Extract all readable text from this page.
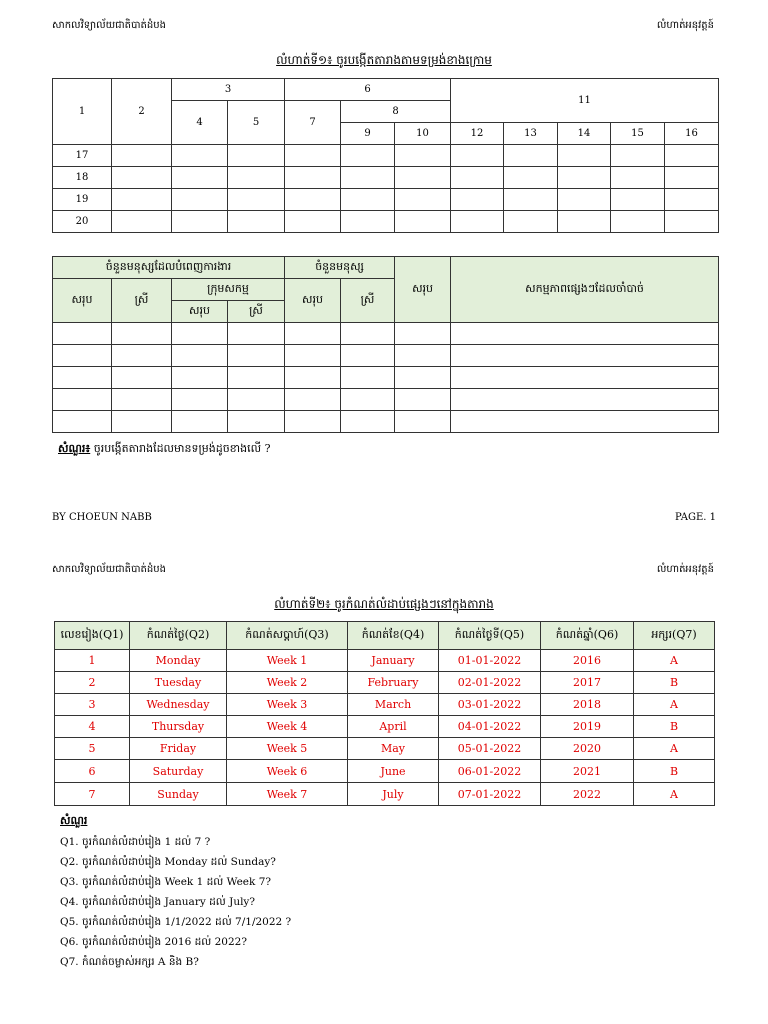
សាកលវិទ្យាល័យជាតិបាត់ដំបង	លំហាត់អនុវត្តន៍
លំហាត់ទី១៖ ចូរបង្កើតតារាងតាមទម្រង់ខាងក្រោម
1	2	3		6			11				
		4	5	7	8						
					9	10	12	13	14	15	16
17											
18											
19											
20											
ចំនួនមនុស្សដែលបំពេញការងារ				ចំនួនមនុស្ស		សរុប	សកម្មភាពផ្សេងៗដែលចាំបាច់
សរុប	ស្រី	ក្រុមសកម្ម		សរុប	ស្រី		
		សរុប	ស្រី				

សំណួរ៖ ចូរបង្កើតតារាងដែលមានទម្រង់ដូចខាងលើ ?
BY CHOEUN NABB	PAGE. 1
សាកលវិទ្យាល័យជាតិបាត់ដំបង	លំហាត់អនុវត្តន៍
លំហាត់ទី២៖ ចូរកំណត់លំដាប់ផ្សេងៗនៅក្នុងតារាង
លេខរៀង(Q1)	កំណត់ថ្ងៃ(Q2)	កំណត់សប្តាហ៍(Q3)	កំណត់ខែ(Q4)	កំណត់ថ្ងៃទី(Q5)	កំណត់ឆ្នាំ(Q6)	អក្សរ(Q7)
1	Monday	Week 1	January	01-01-2022	2016	A
2	Tuesday	Week 2	February	02-01-2022	2017	B
3	Wednesday	Week 3	March	03-01-2022	2018	A
4	Thursday	Week 4	April	04-01-2022	2019	B
5	Friday	Week 5	May	05-01-2022	2020	A
6	Saturday	Week 6	June	06-01-2022	2021	B
7	Sunday	Week 7	July	07-01-2022	2022	A
សំណួរ
Q1. ចូរកំណត់លំដាប់រៀង 1 ដល់ 7 ?
Q2. ចូរកំណត់លំដាប់រៀង Monday ដល់ Sunday?
Q3. ចូរកំណត់លំដាប់រៀង Week 1 ដល់ Week 7?
Q4. ចូរកំណត់លំដាប់រៀង January ដល់ July?
Q5. ចូរកំណត់លំដាប់រៀង 1/1/2022 ដល់ 7/1/2022 ?
Q6. ចូរកំណត់លំដាប់រៀង 2016 ដល់ 2022?
Q7. កំណត់ចម្លាស់អក្សរ A និង B?
